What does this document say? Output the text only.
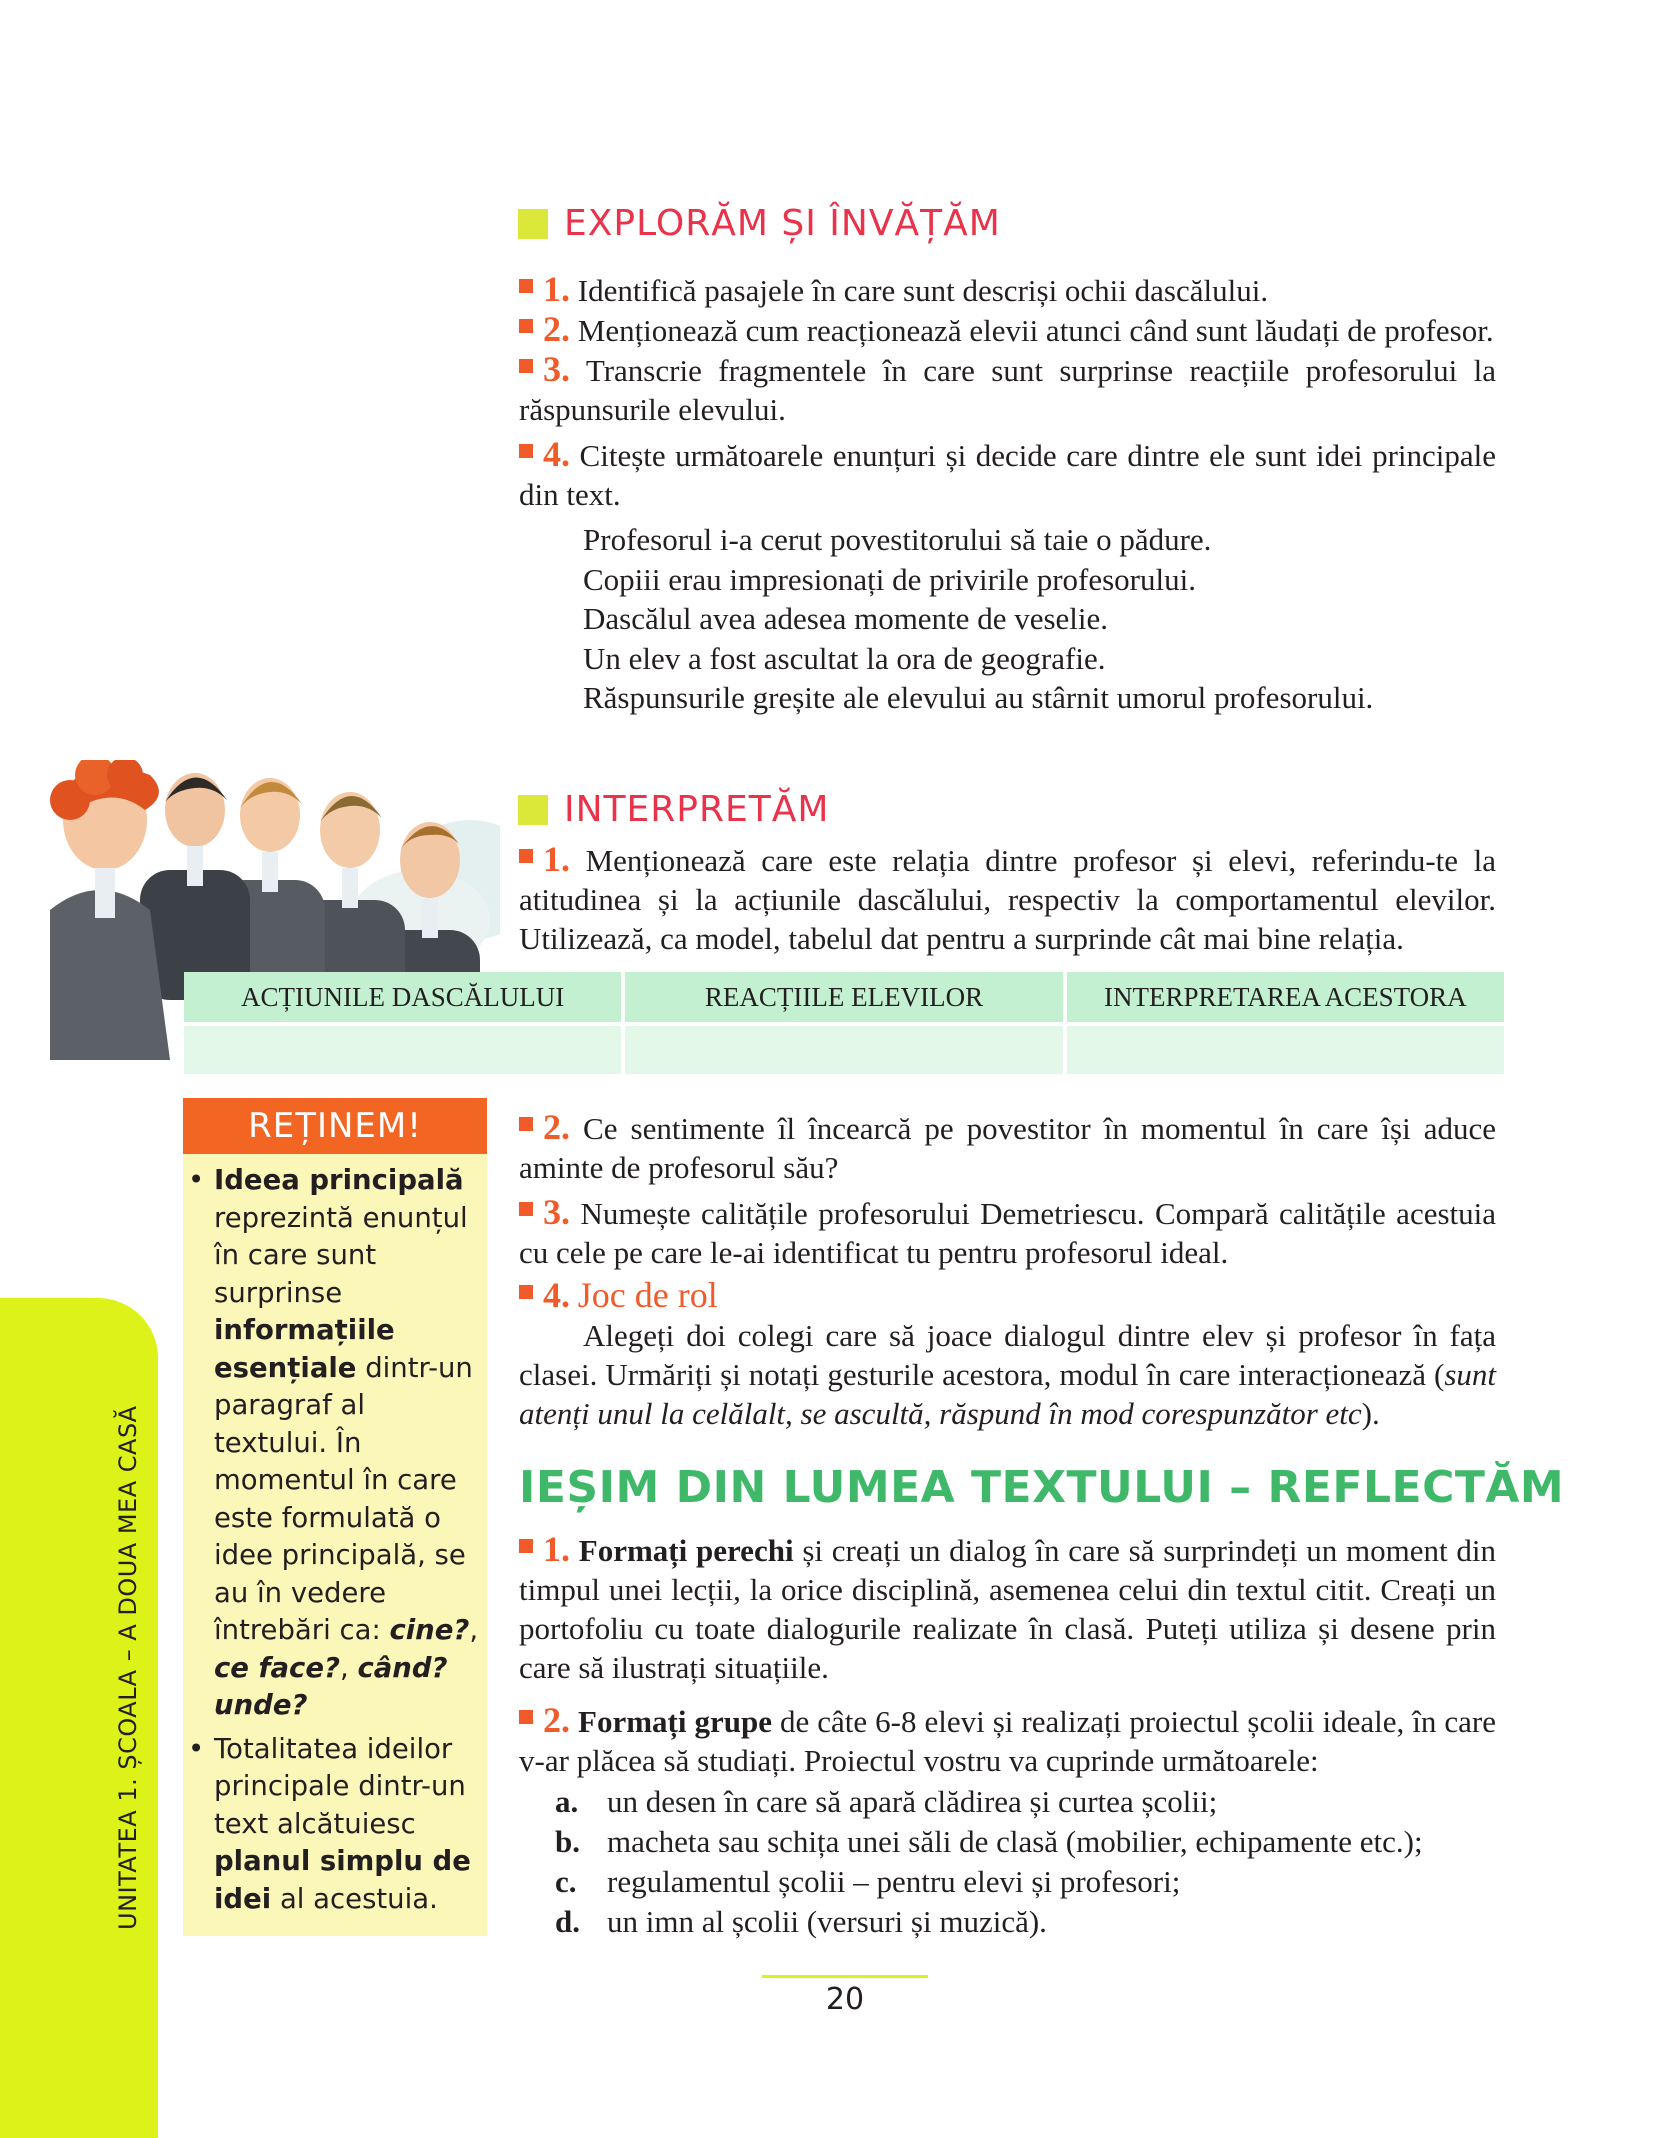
UNITATEA 1. ȘCOALA – A DOUA MEA CASĂ
EXPLORĂM ȘI ÎNVĂȚĂM
1. Identifică pasajele în care sunt descriși ochii dascălului.
2. Menționează cum reacționează elevii atunci când sunt lăudați de profesor.
3. Transcrie fragmentele în care sunt surprinse reacțiile profesorului la răspunsurile elevului.
4. Citește următoarele enunțuri și decide care dintre ele sunt idei principale din text.
Profesorul i-a cerut povestitorului să taie o pădure.
Copiii erau impresionați de privirile profesorului.
Dascălul avea adesea momente de veselie.
Un elev a fost ascultat la ora de geografie.
Răspunsurile greșite ale elevului au stârnit umorul profesorului.
INTERPRETĂM
1. Menționează care este relația dintre profesor și elevi, referindu-te la atitudinea și la acțiunile dascălului, respectiv la comportamentul elevilor. Utilizează, ca model, tabelul dat pentru a surprinde cât mai bine relația.
ACȚIUNILE DASCĂLULUI	REACȚIILE ELEVILOR	INTERPRETAREA ACESTORA

REȚINEM!
• Ideea principală reprezintă enunțul în care sunt surprinse informațiile esențiale dintr-un paragraf al textului. În momentul în care este formulată o idee principală, se au în vedere întrebări ca: cine?, ce face?, când? unde?
• Totalitatea ideilor principale dintr-un text alcătuiesc planul simplu de idei al acestuia.
2. Ce sentimente îl încearcă pe povestitor în momentul în care își aduce aminte de profesorul său?
3. Numește calitățile profesorului Demetriescu. Compară calitățile acestuia cu cele pe care le-ai identificat tu pentru profesorul ideal.
4. Joc de rol
Alegeți doi colegi care să joace dialogul dintre elev și profesor în fața clasei. Urmăriți și notați gesturile acestora, modul în care interacționează (sunt atenți unul la celălalt, se ascultă, răspund în mod corespunzător etc).
IEȘIM DIN LUMEA TEXTULUI – REFLECTĂM
1. Formați perechi și creați un dialog în care să surprindeți un moment din timpul unei lecții, la orice disciplină, asemenea celui din textul citit. Creați un portofoliu cu toate dialogurile realizate în clasă. Puteți utiliza și desene prin care să ilustrați situațiile.
2. Formați grupe de câte 6-8 elevi și realizați proiectul școlii ideale, în care v-ar plăcea să studiați. Proiectul vostru va cuprinde următoarele:
a. un desen în care să apară clădirea și curtea școlii;
b. macheta sau schița unei săli de clasă (mobilier, echipamente etc.);
c. regulamentul școlii – pentru elevi și profesori;
d. un imn al școlii (versuri și muzică).
20
